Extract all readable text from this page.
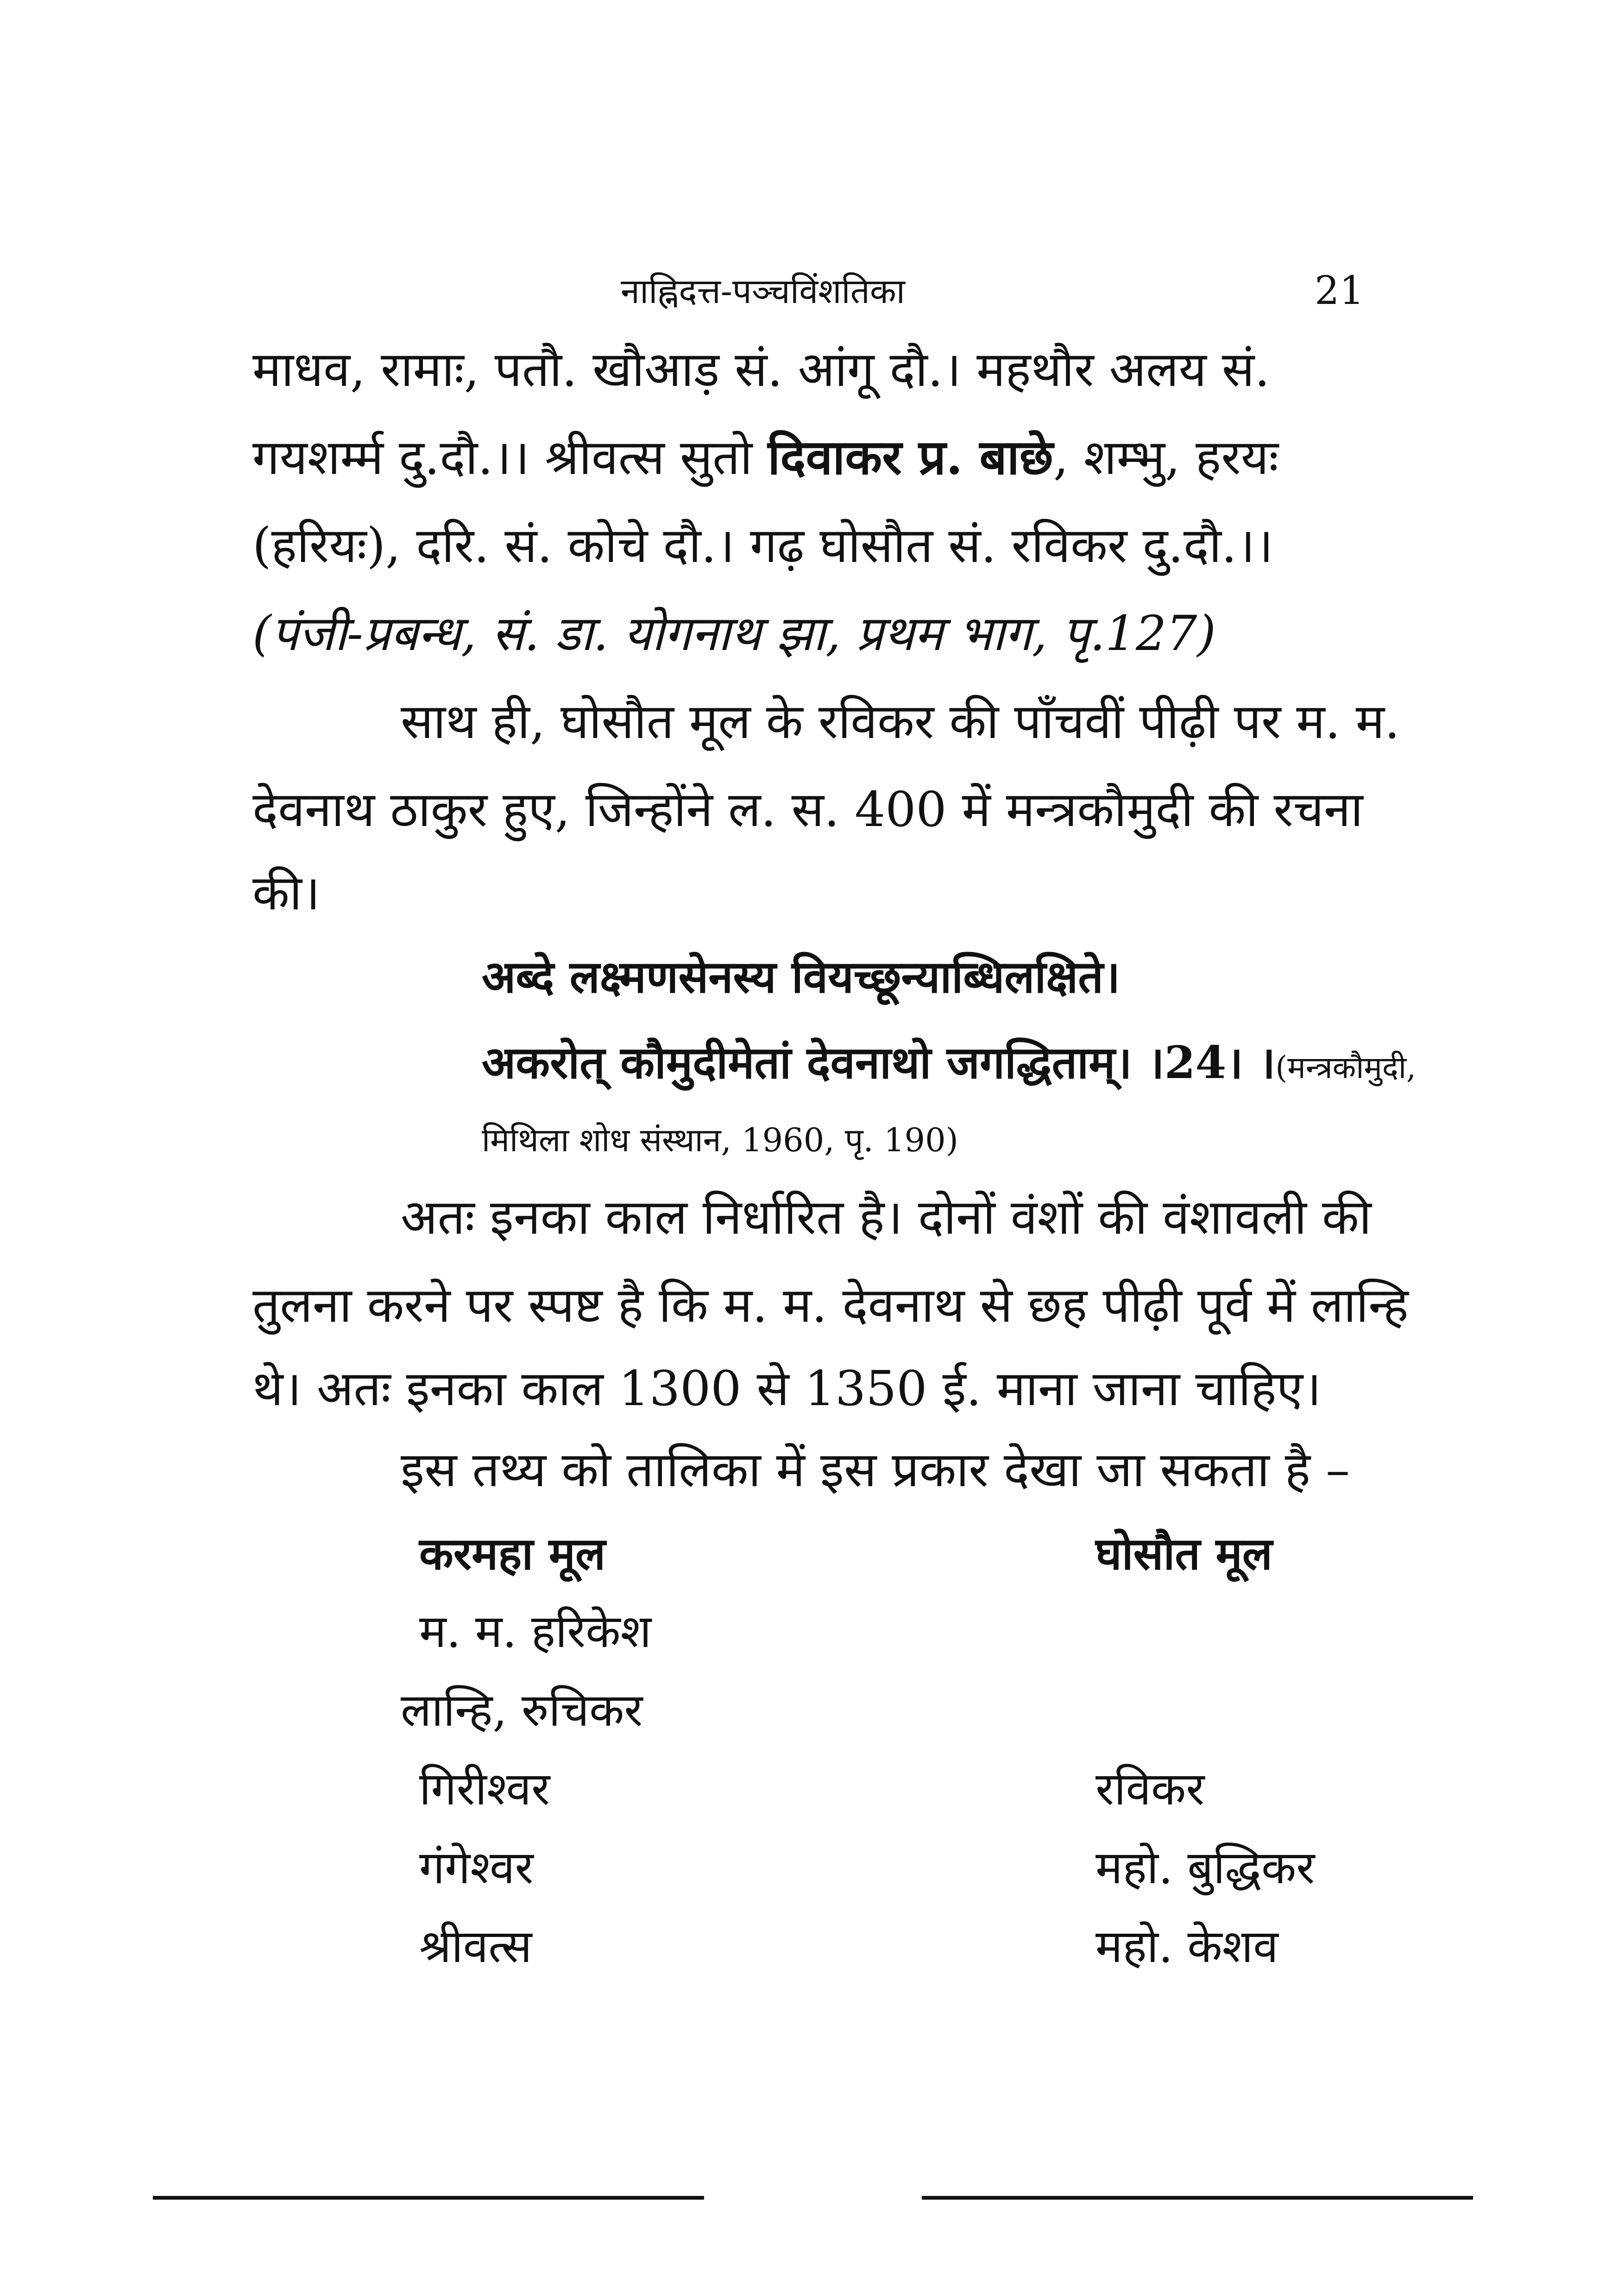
नाह्निदत्त-पञ्चविंशतिका	21
माधव, रामाः, पतौ. खौआड़ सं. आंगू दौ.। महथौर अलय सं.
गयशर्म्म दु.दौ.।। श्रीवत्स सुतो दिवाकर प्र. बाछे, शम्भु, हरयः
(हरियः), दरि. सं. कोचे दौ.। गढ़ घोसौत सं. रविकर दु.दौ.।।
(पंजी-प्रबन्ध, सं. डा. योगनाथ झा, प्रथम भाग, पृ.127)
साथ ही, घोसौत मूल के रविकर की पाँचवीं पीढ़ी पर म. म.
देवनाथ ठाकुर हुए, जिन्होंने ल. स. 400 में मन्त्रकौमुदी की रचना
की।
अब्दे लक्ष्मणसेनस्य वियच्छून्याब्धिलक्षिते।
अकरोत् कौमुदीमेतां देवनाथो जगद्धिताम्। ।24। ।(मन्त्रकौमुदी,
मिथिला शोध संस्थान, 1960, पृ. 190)
अतः इनका काल निर्धारित है। दोनों वंशों की वंशावली की
तुलना करने पर स्पष्ट है कि म. म. देवनाथ से छह पीढ़ी पूर्व में लान्हि
थे। अतः इनका काल 1300 से 1350 ई. माना जाना चाहिए।
इस तथ्य को तालिका में इस प्रकार देखा जा सकता है –
करमहा मूल	घोसौत मूल
म. म. हरिकेश
लान्हि, रुचिकर
गिरीश्वर
गंगेश्वर
श्रीवत्स
रविकर
महो. बुद्धिकर
महो. केशव
